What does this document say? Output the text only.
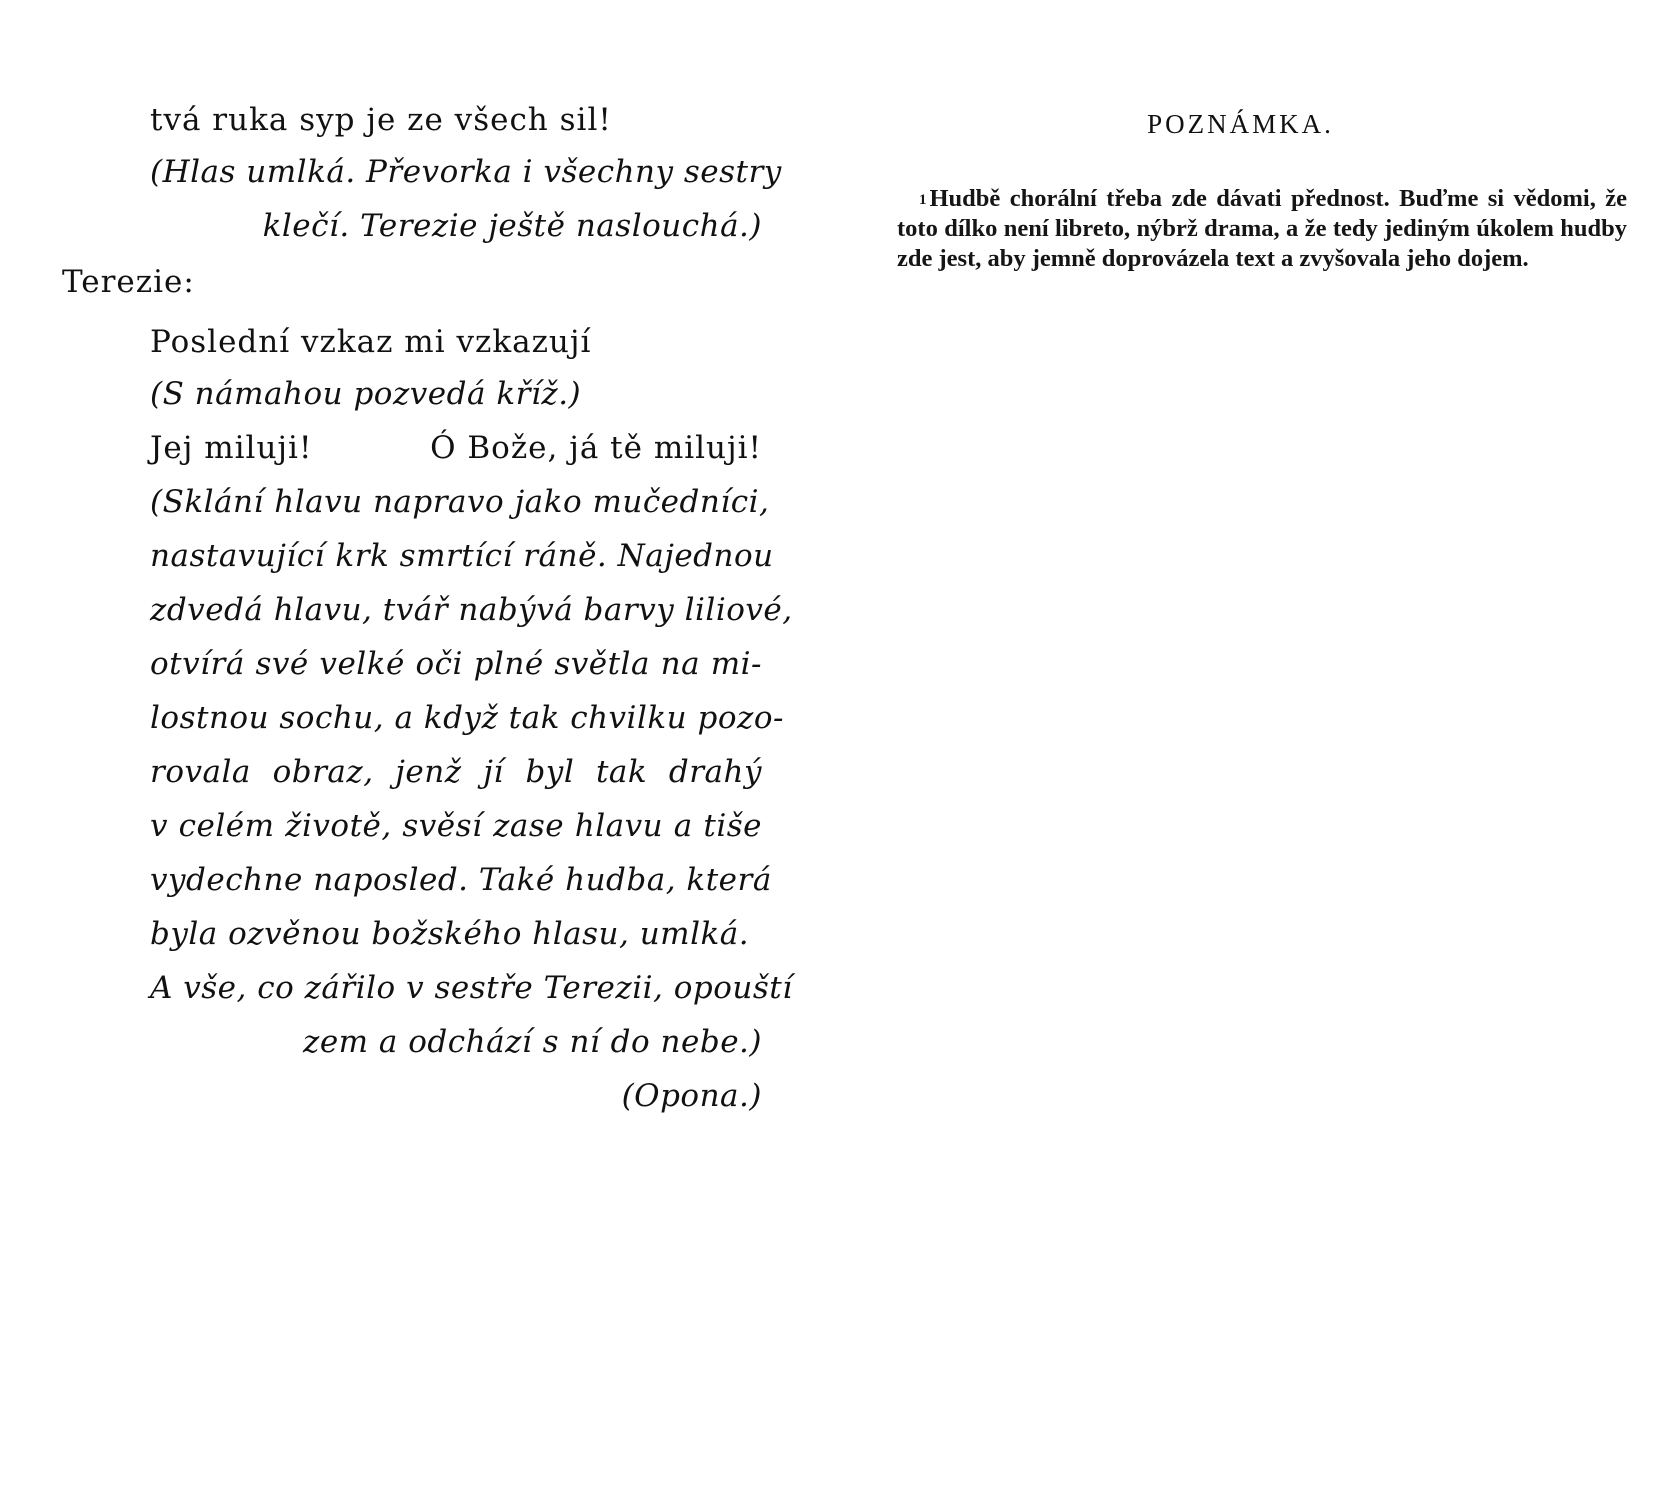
tvá ruka syp je ze všech sil!
(Hlas umlká. Převorka i všechny sestry
klečí. Terezie ještě naslouchá.)
Terezie:
Poslední vzkaz mi vzkazují
(S námahou pozvedá kříž.)
Jej miluji!	Ó Bože, já tě miluji!
(Sklání hlavu napravo jako mučedníci,
nastavující krk smrtící ráně. Najednou
zdvedá hlavu, tvář nabývá barvy liliové,
otvírá své velké oči plné světla na mi-
lostnou sochu, a když tak chvilku pozo-
rovala obraz, jenž jí byl tak drahý
v celém životě, svěsí zase hlavu a tiše
vydechne naposled. Také hudba, která
byla ozvěnou božského hlasu, umlká.
A vše, co zářilo v sestře Terezii, opouští
zem a odchází s ní do nebe.)
(Opona.)
POZNÁMKA.
$^1$ Hudbě chorální třeba zde dávati přednost. Buďme si vědomi, že toto dílko není libreto, nýbrž drama, a že tedy jediným úkolem hudby zde jest, aby jemně doprovázela text a zvyšovala jeho dojem.
